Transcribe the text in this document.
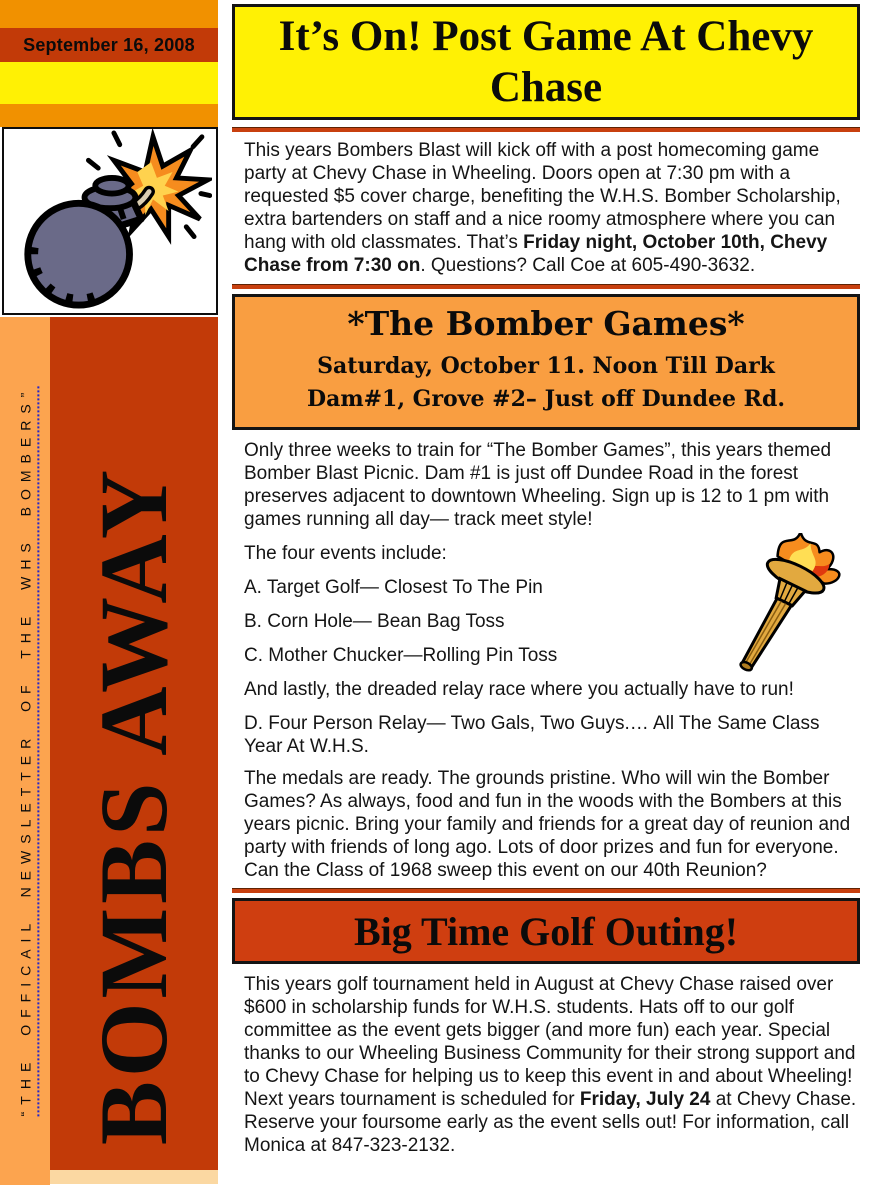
September 16, 2008
“THE OFFICAIL NEWSLETTER OF THE WHS BOMBERS” BOMBS AWAY
It’s On! Post Game At Chevy Chase

This years Bombers Blast will kick off with a post homecoming game party at Chevy Chase in Wheeling. Doors open at 7:30 pm with a requested $5 cover charge, benefiting the W.H.S. Bomber Scholarship, extra bartenders on staff and a nice roomy atmosphere where you can hang with old classmates. That’s Friday night, October 10th, Chevy Chase from 7:30 on. Questions? Call Coe at 605-490-3632.

*The Bomber Games*
Saturday, October 11. Noon Till Dark
Dam#1, Grove #2– Just off Dundee Rd.

Only three weeks to train for “The Bomber Games”, this years themed Bomber Blast Picnic. Dam #1 is just off Dundee Road in the forest preserves adjacent to downtown Wheeling. Sign up is 12 to 1 pm with games running all day— track meet style!

The four events include:

A. Target Golf— Closest To The Pin

B. Corn Hole— Bean Bag Toss

C. Mother Chucker—Rolling Pin Toss

And lastly, the dreaded relay race where you actually have to run!

D. Four Person Relay— Two Gals, Two Guys.… All The Same Class Year At W.H.S.

The medals are ready. The grounds pristine. Who will win the Bomber Games? As always, food and fun in the woods with the Bombers at this years picnic. Bring your family and friends for a great day of reunion and party with friends of long ago. Lots of door prizes and fun for everyone. Can the Class of 1968 sweep this event on our 40th Reunion?

Big Time Golf Outing!

This years golf tournament held in August at Chevy Chase raised over $600 in scholarship funds for W.H.S. students. Hats off to our golf committee as the event gets bigger (and more fun) each year. Special thanks to our Wheeling Business Community for their strong support and to Chevy Chase for helping us to keep this event in and about Wheeling! Next years tournament is scheduled for Friday, July 24 at Chevy Chase. Reserve your foursome early as the event sells out! For information, call Monica at 847-323-2132.
